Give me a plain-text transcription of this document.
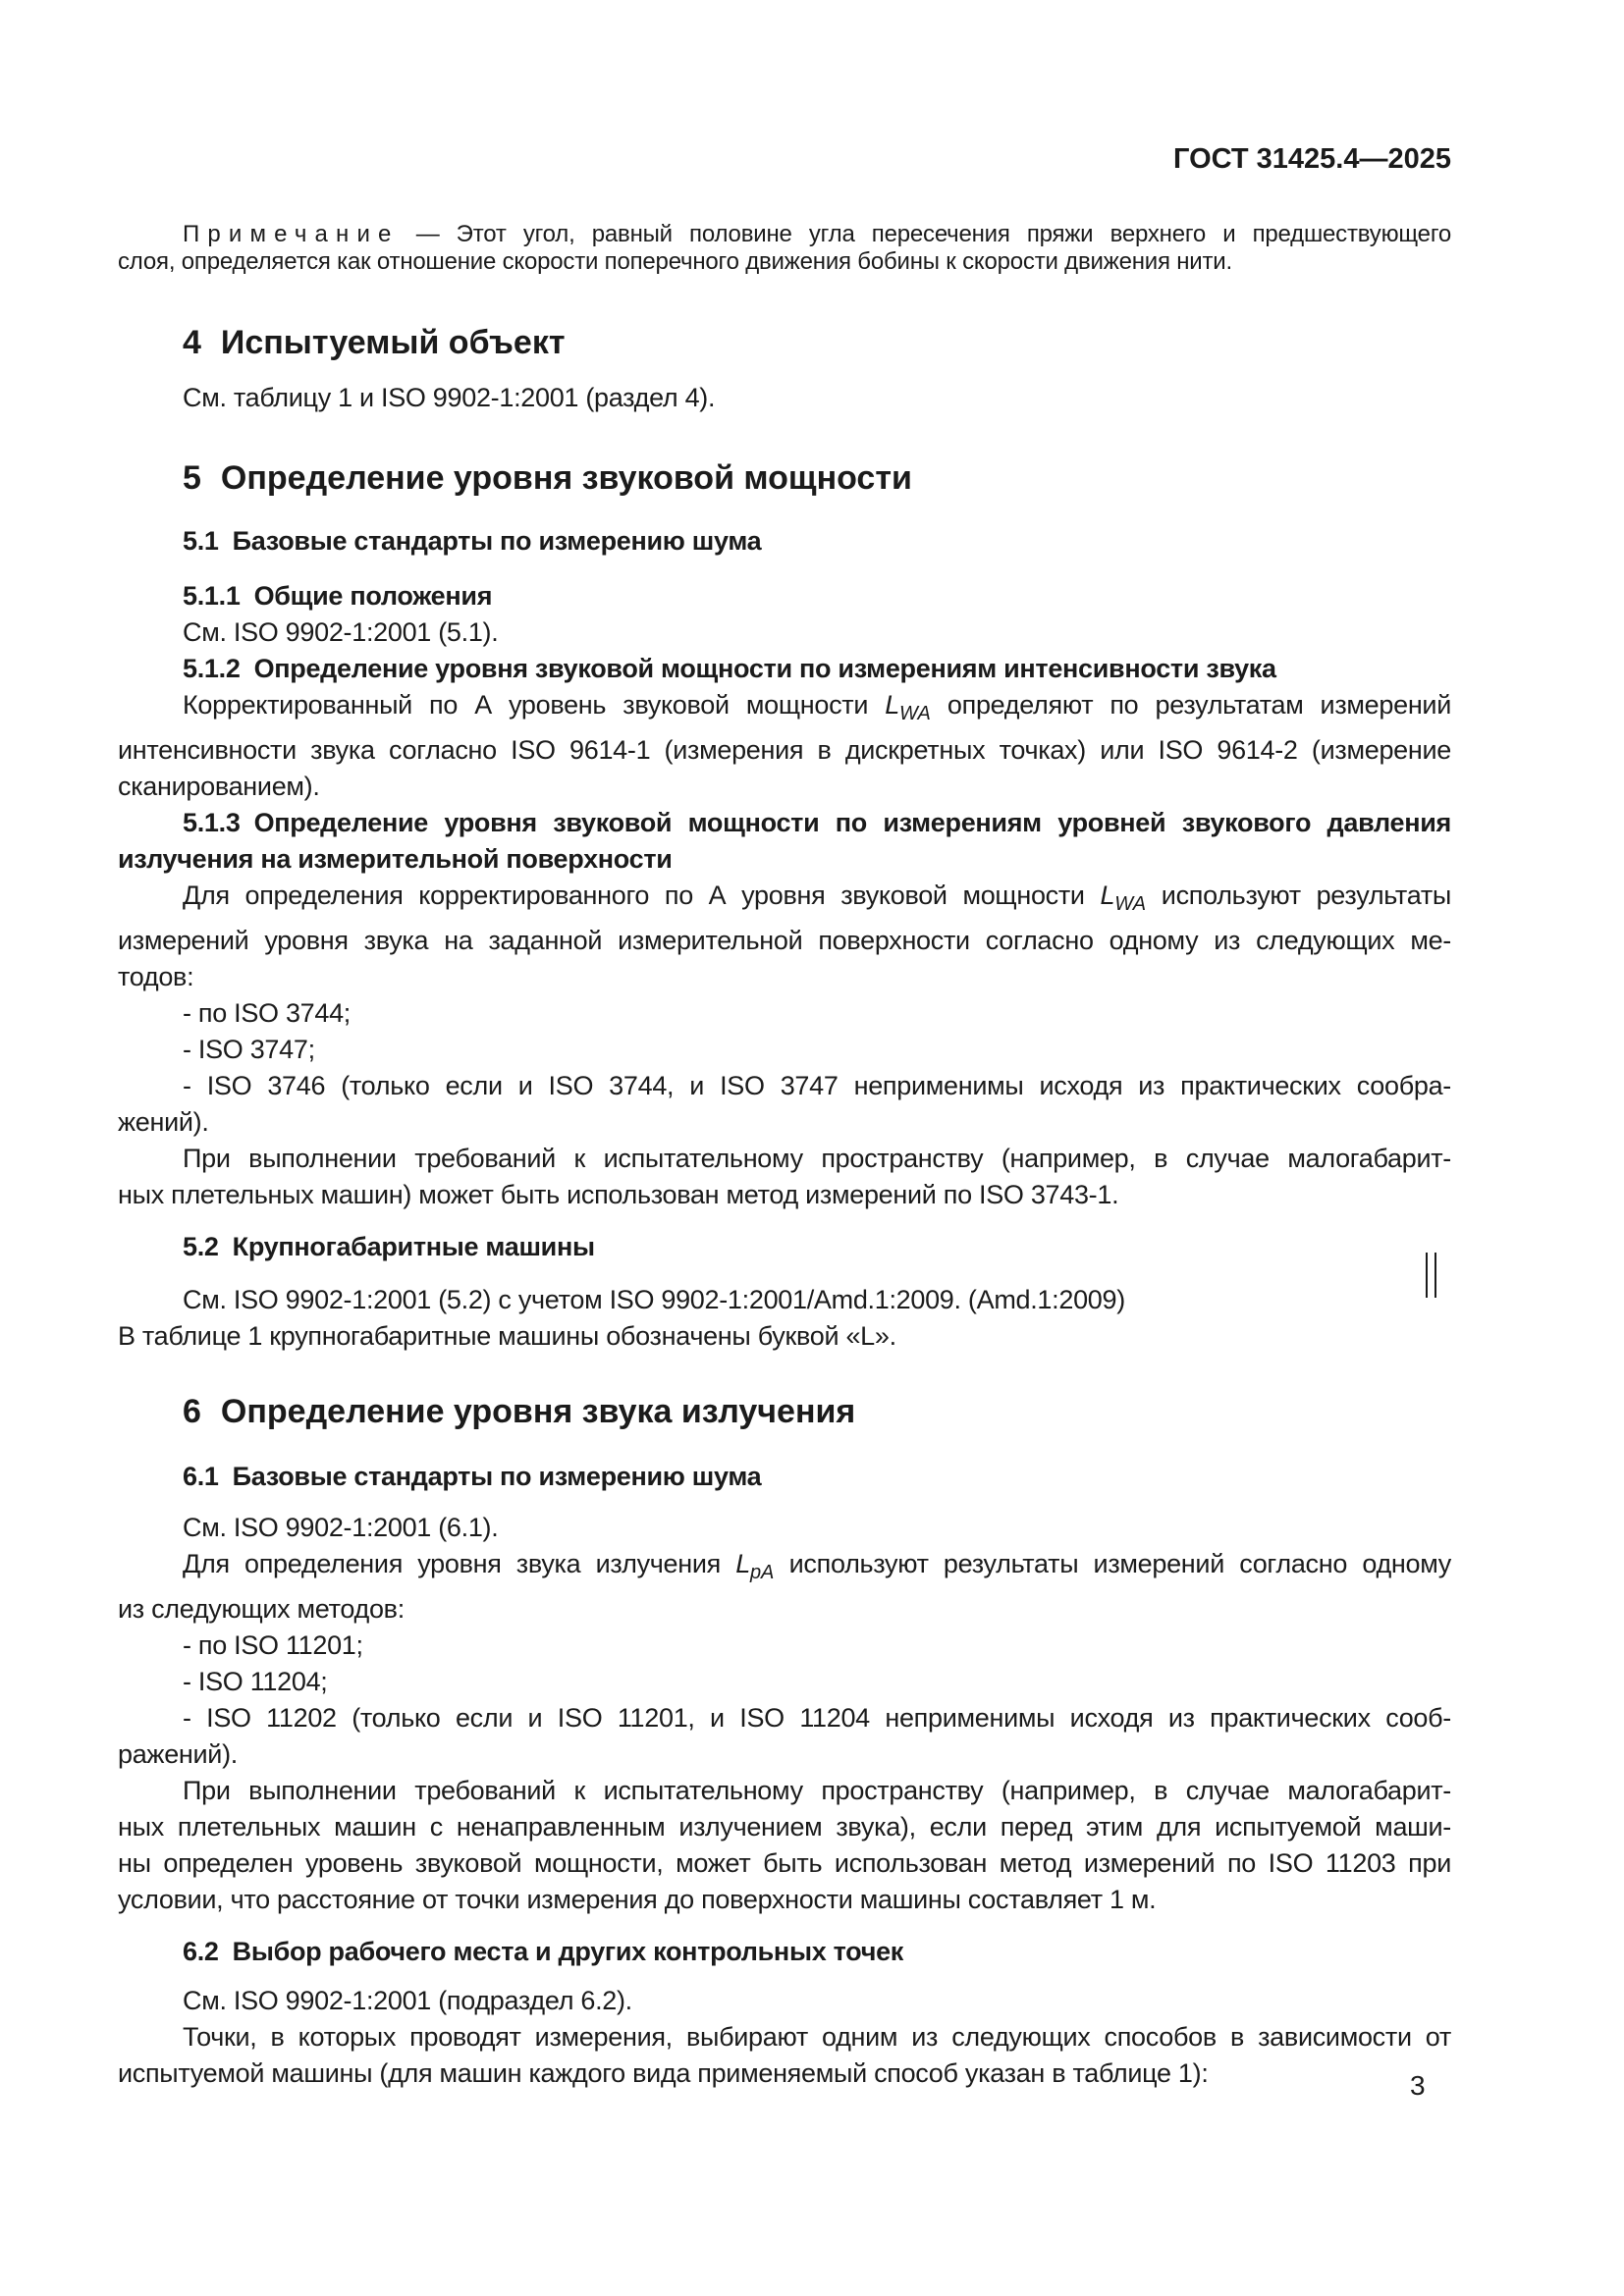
ГОСТ 31425.4—2025
Примечание — Этот угол, равный половине угла пересечения пряжи верхнего и предшествующего
слоя, определяется как отношение скорости поперечного движения бобины к скорости движения нити.
4 Испытуемый объект
См. таблицу 1 и ISO 9902-1:2001 (раздел 4).
5 Определение уровня звуковой мощности
5.1 Базовые стандарты по измерению шума
5.1.1 Общие положения
См. ISO 9902-1:2001 (5.1).
5.1.2 Определение уровня звуковой мощности по измерениям интенсивности звука
Корректированный по А уровень звуковой мощности $L_{WA}$ определяют по результатам измерений
интенсивности звука согласно ISO 9614-1 (измерения в дискретных точках) или ISO 9614-2 (измерение
сканированием).
5.1.3 Определение уровня звуковой мощности по измерениям уровней звукового давления
излучения на измерительной поверхности
Для определения корректированного по А уровня звуковой мощности $L_{WA}$ используют результаты
измерений уровня звука на заданной измерительной поверхности согласно одному из следующих ме-
тодов:
- по ISO 3744;
- ISO 3747;
- ISO 3746 (только если и ISO 3744, и ISO 3747 неприменимы исходя из практических сообра-
жений).
При выполнении требований к испытательному пространству (например, в случае малогабарит-
ных плетельных машин) может быть использован метод измерений по ISO 3743-1.
5.2 Крупногабаритные машины
См. ISO 9902-1:2001 (5.2) с учетом ISO 9902-1:2001/Amd.1:2009. (Amd.1:2009)
В таблице 1 крупногабаритные машины обозначены буквой «L».
6 Определение уровня звука излучения
6.1 Базовые стандарты по измерению шума
См. ISO 9902-1:2001 (6.1).
Для определения уровня звука излучения $L_{pA}$ используют результаты измерений согласно одному
из следующих методов:
- по ISO 11201;
- ISO 11204;
- ISO 11202 (только если и ISO 11201, и ISO 11204 неприменимы исходя из практических сооб-
ражений).
При выполнении требований к испытательному пространству (например, в случае малогабарит-
ных плетельных машин с ненаправленным излучением звука), если перед этим для испытуемой маши-
ны определен уровень звуковой мощности, может быть использован метод измерений по ISO 11203 при
условии, что расстояние от точки измерения до поверхности машины составляет 1 м.
6.2 Выбор рабочего места и других контрольных точек
См. ISO 9902-1:2001 (подраздел 6.2).
Точки, в которых проводят измерения, выбирают одним из следующих способов в зависимости от
испытуемой машины (для машин каждого вида применяемый способ указан в таблице 1):	3
